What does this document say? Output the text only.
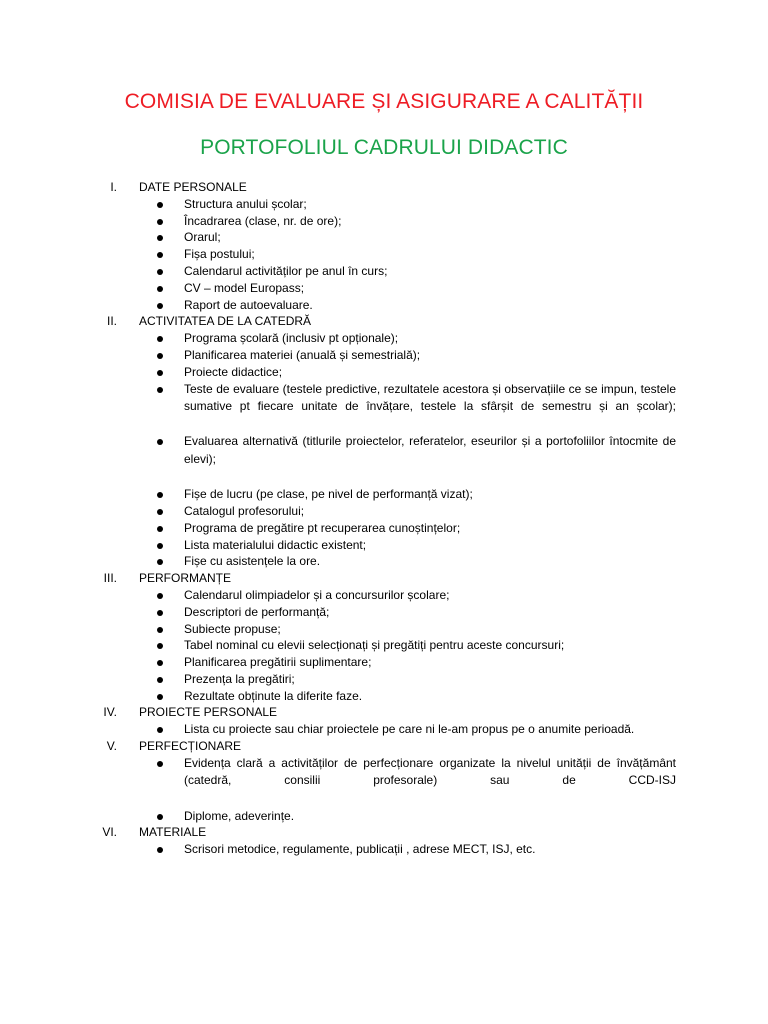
COMISIA DE EVALUARE ȘI ASIGURARE A CALITĂȚII
PORTOFOLIUL CADRULUI DIDACTIC
I. DATE PERSONALE
Structura anului școlar;
Încadrarea (clase, nr. de ore);
Orarul;
Fișa postului;
Calendarul activităților pe anul în curs;
CV – model Europass;
Raport de autoevaluare.
II. ACTIVITATEA DE LA CATEDRĂ
Programa școlară (inclusiv pt opționale);
Planificarea materiei (anuală și semestrială);
Proiecte didactice;
Teste de evaluare (testele predictive, rezultatele acestora și observațiile ce se impun, testele sumative pt fiecare unitate de învățare, testele la sfârșit de semestru și an școlar);
Evaluarea alternativă (titlurile proiectelor, referatelor, eseurilor și a portofoliilor întocmite de elevi);
Fișe de lucru (pe clase, pe nivel de performanță vizat);
Catalogul profesorului;
Programa de pregătire pt recuperarea cunoștințelor;
Lista materialului didactic existent;
Fișe cu asistențele la ore.
III. PERFORMANȚE
Calendarul olimpiadelor și a concursurilor școlare;
Descriptori de performanță;
Subiecte propuse;
Tabel nominal cu elevii selecționați și pregătiți pentru aceste concursuri;
Planificarea pregătirii suplimentare;
Prezența la pregătiri;
Rezultate obținute la diferite faze.
IV. PROIECTE PERSONALE
Lista cu proiecte sau chiar proiectele pe care ni le-am propus pe o anumite perioadă.
V. PERFECȚIONARE
Evidența clară a activităților de perfecționare organizate la nivelul unității de învățământ (catedră, consilii profesorale) sau de CCD-ISJ
Diplome, adeverințe.
VI. MATERIALE
Scrisori metodice, regulamente, publicații , adrese MECT, ISJ, etc.
